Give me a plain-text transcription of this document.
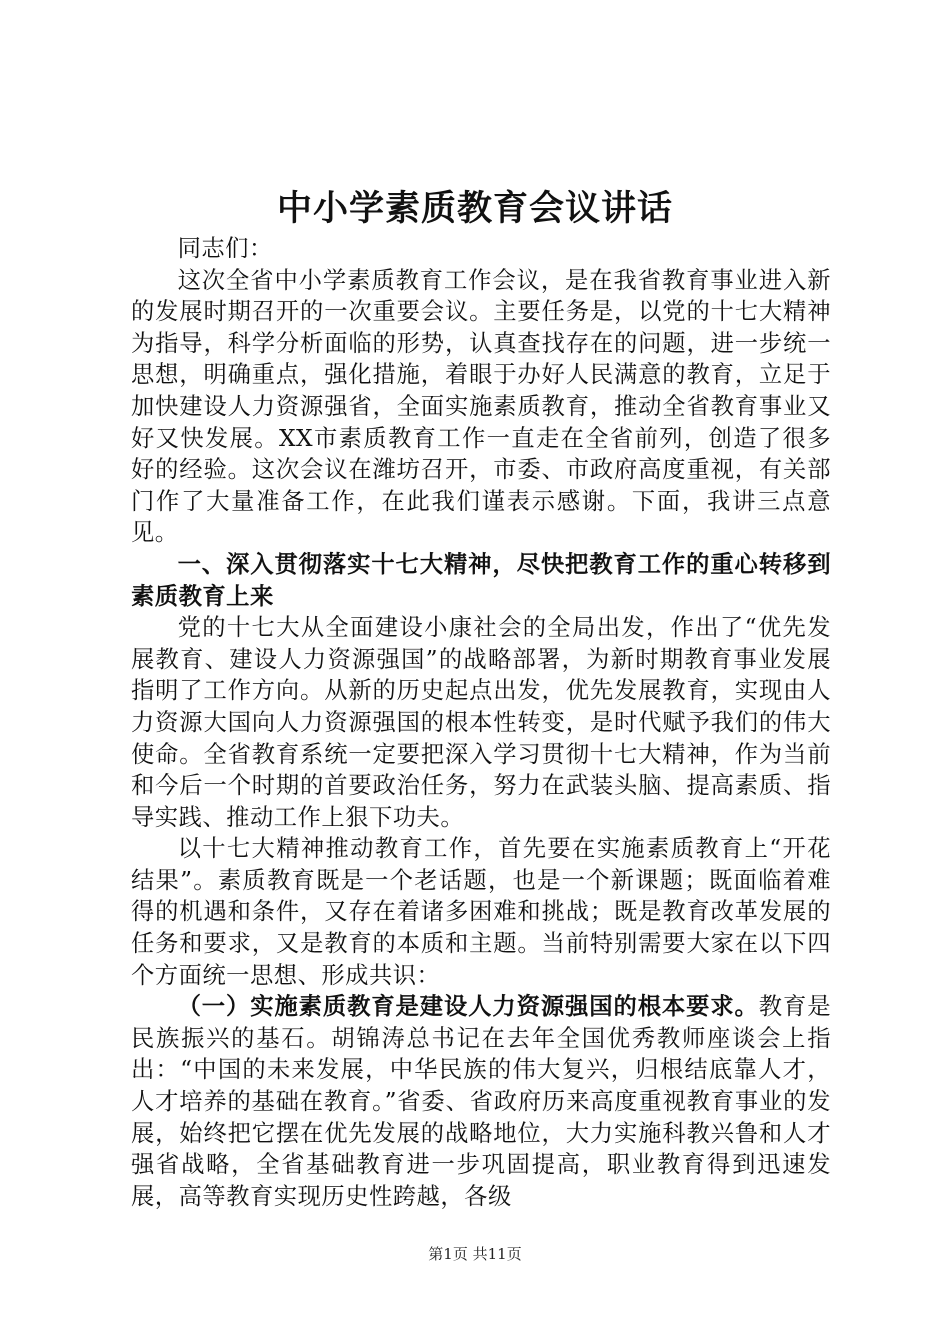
中小学素质教育会议讲话

同志们：

这次全省中小学素质教育工作会议，是在我省教育事业进入新的发展时期召开的一次重要会议。主要任务是，以党的十七大精神为指导，科学分析面临的形势，认真查找存在的问题，进一步统一思想，明确重点，强化措施，着眼于办好人民满意的教育，立足于加快建设人力资源强省，全面实施素质教育，推动全省教育事业又好又快发展。XX市素质教育工作一直走在全省前列，创造了很多好的经验。这次会议在潍坊召开，市委、市政府高度重视，有关部门作了大量准备工作，在此我们谨表示感谢。下面，我讲三点意见。

一、深入贯彻落实十七大精神，尽快把教育工作的重心转移到素质教育上来

党的十七大从全面建设小康社会的全局出发，作出了“优先发展教育、建设人力资源强国”的战略部署，为新时期教育事业发展指明了工作方向。从新的历史起点出发，优先发展教育，实现由人力资源大国向人力资源强国的根本性转变，是时代赋予我们的伟大使命。全省教育系统一定要把深入学习贯彻十七大精神，作为当前和今后一个时期的首要政治任务，努力在武装头脑、提高素质、指导实践、推动工作上狠下功夫。

以十七大精神推动教育工作，首先要在实施素质教育上“开花结果”。素质教育既是一个老话题，也是一个新课题；既面临着难得的机遇和条件，又存在着诸多困难和挑战；既是教育改革发展的任务和要求，又是教育的本质和主题。当前特别需要大家在以下四个方面统一思想、形成共识：

（一）实施素质教育是建设人力资源强国的根本要求。教育是民族振兴的基石。胡锦涛总书记在去年全国优秀教师座谈会上指出：“中国的未来发展，中华民族的伟大复兴，归根结底靠人才，人才培养的基础在教育。”省委、省政府历来高度重视教育事业的发展，始终把它摆在优先发展的战略地位，大力实施科教兴鲁和人才强省战略，全省基础教育进一步巩固提高，职业教育得到迅速发展，高等教育实现历史性跨越，各级

第1页 共11页
